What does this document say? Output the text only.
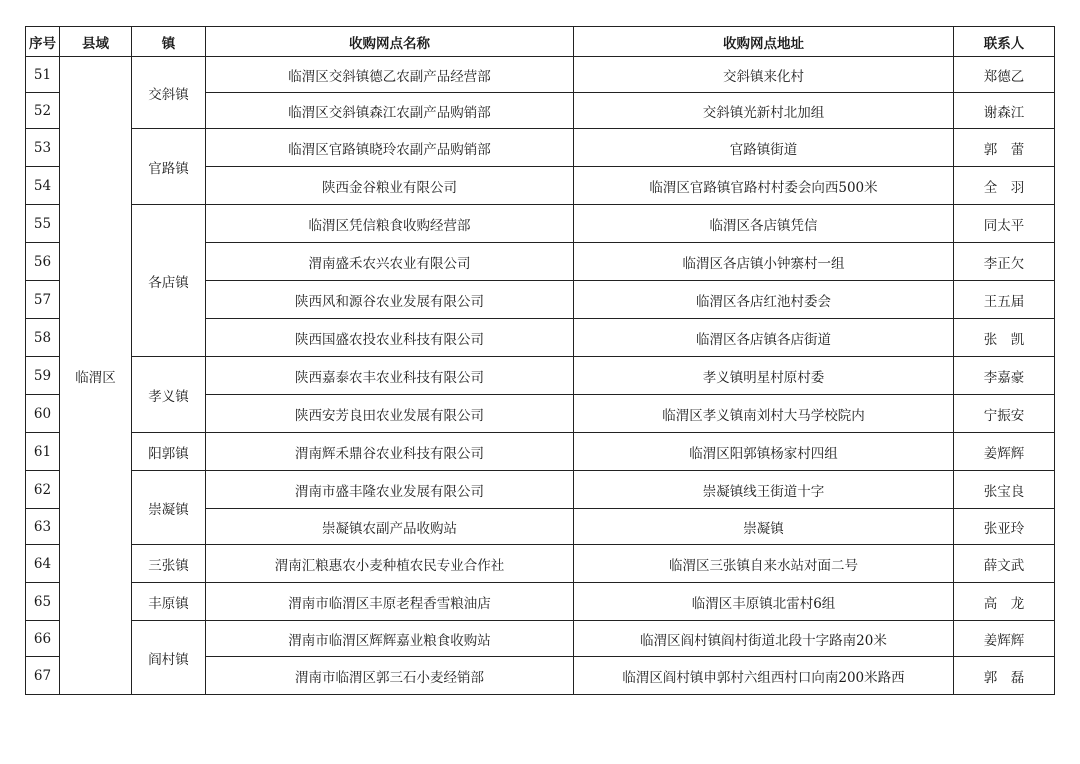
序号	县域	镇	收购网点名称	收购网点地址	联系人
51	临渭区	交斜镇	临渭区交斜镇德乙农副产品经营部	交斜镇来化村	郑德乙
52			临渭区交斜镇森江农副产品购销部	交斜镇光新村北加组	谢森江
53		官路镇	临渭区官路镇晓玲农副产品购销部	官路镇街道	郭　蕾
54			陕西金谷粮业有限公司	临渭区官路镇官路村村委会向西500米	全　羽
55		各店镇	临渭区凭信粮食收购经营部	临渭区各店镇凭信	同太平
56			渭南盛禾农兴农业有限公司	临渭区各店镇小钟寨村一组	李正欠
57			陕西风和源谷农业发展有限公司	临渭区各店红池村委会	王五届
58			陕西国盛农投农业科技有限公司	临渭区各店镇各店街道	张　凯
59		孝义镇	陕西嘉泰农丰农业科技有限公司	孝义镇明星村原村委	李嘉豪
60			陕西安芳良田农业发展有限公司	临渭区孝义镇南刘村大马学校院内	宁振安
61		阳郭镇	渭南辉禾鼎谷农业科技有限公司	临渭区阳郭镇杨家村四组	姜辉辉
62		崇凝镇	渭南市盛丰隆农业发展有限公司	崇凝镇线王街道十字	张宝良
63			崇凝镇农副产品收购站	崇凝镇	张亚玲
64		三张镇	渭南汇粮惠农小麦种植农民专业合作社	临渭区三张镇自来水站对面二号	薛文武
65		丰原镇	渭南市临渭区丰原老程香雪粮油店	临渭区丰原镇北雷村6组	高　龙
66		阎村镇	渭南市临渭区辉辉嘉业粮食收购站	临渭区阎村镇阎村街道北段十字路南20米	姜辉辉
67			渭南市临渭区郭三石小麦经销部	临渭区阎村镇申郭村六组西村口向南200米路西	郭　磊
